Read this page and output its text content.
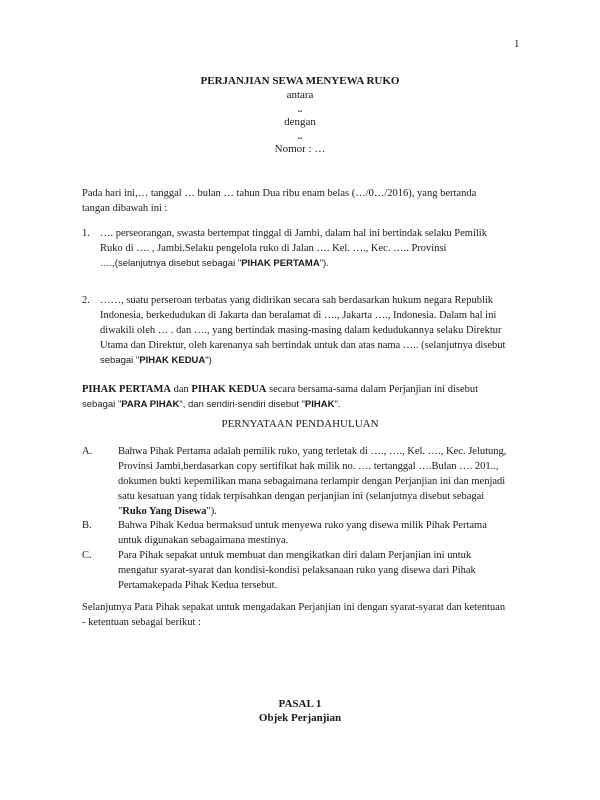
1
PERJANJIAN SEWA MENYEWA RUKO
antara
..
dengan
..
Nomor : …
Pada hari ini,… tanggal … bulan … tahun Dua ribu enam belas (…/0…/2016), yang bertanda
tangan dibawah ini :
1. …. perseorangan, swasta bertempat tinggal di Jambi, dalam hal ini bertindak selaku Pemilik
Ruko di …. , Jambi.Selaku pengelola ruko di Jalan …. Kel. …., Kec. ….. Provinsi
….,(selanjutnya disebut sebagai "PIHAK PERTAMA").
2. ……, suatu perseroan terbatas yang didirikan secara sah berdasarkan hukum negara Republik
Indonesia, berkedudukan di Jakarta dan beralamat di …., Jakarta …., Indonesia. Dalam hal ini
diwakili oleh … . dan …., yang bertindak masing-masing dalam kedudukannya selaku Direktur
Utama dan Direktur, oleh karenanya sah bertindak untuk dan atas nama ….. (selanjutnya disebut
sebagai "PIHAK KEDUA")
PIHAK PERTAMA dan PIHAK KEDUA secara bersama-sama dalam Perjanjian ini disebut
sebagai "PARA PIHAK", dan sendiri-sendiri disebut "PIHAK".
PERNYATAAN PENDAHULUAN
A. Bahwa Pihak Pertama adalah pemilik ruko, yang terletak di …., …., Kel. …., Kec. Jelutung,
Provinsi Jambi,berdasarkan copy sertifikat hak milik no. …. tertanggal ….Bulan …. 201..,
dokumen bukti kepemilikan mana sebagaimana terlampir dengan Perjanjian ini dan menjadi
satu kesatuan yang tidak terpisahkan dengan perjanjian ini (selanjutnya disebut sebagai
"Ruko Yang Disewa").
B.	Bahwa Pihak Kedua bermaksud untuk menyewa ruko yang disewa milik Pihak Pertama
untuk digunakan sebagaimana mestinya.
C.	Para Pihak sepakat untuk membuat dan mengikatkan diri dalam Perjanjian ini untuk
mengatur syarat-syarat dan kondisi-kondisi pelaksanaan ruko yang disewa dari Pihak
Pertamakepada Pihak Kedua tersebut.
Selanjutnya Para Pihak sepakat untuk mengadakan Perjanjian ini dengan syarat-syarat dan ketentuan
- ketentuan sebagai berikut :
PASAL 1
Objek Perjanjian
